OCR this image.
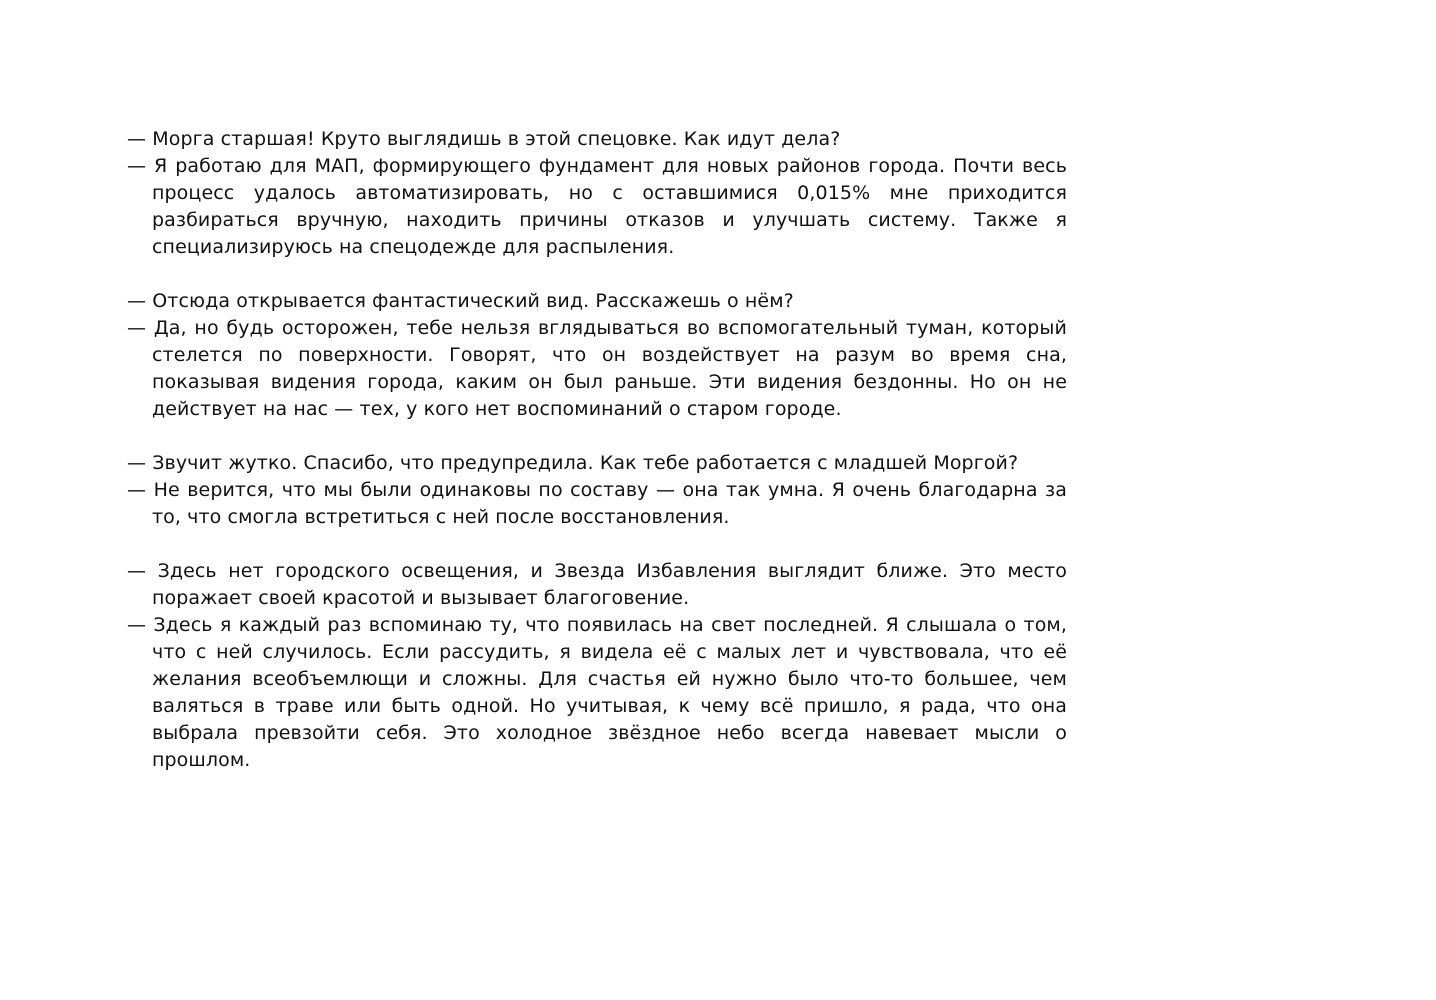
— Морга старшая! Круто выглядишь в этой спецовке. Как идут дела?

— Я работаю для МАП, формирующего фундамент для новых районов города. Почти весь процесс удалось автоматизировать, но с оставшимися 0,015% мне приходится разбираться вручную, находить причины отказов и улучшать систему. Также я специализируюсь на спецодежде для распыления.

— Отсюда открывается фантастический вид. Расскажешь о нём?

— Да, но будь осторожен, тебе нельзя вглядываться во вспомогательный туман, который стелется по поверхности. Говорят, что он воздействует на разум во время сна, показывая видения города, каким он был раньше. Эти видения бездонны. Но он не действует на нас — тех, у кого нет воспоминаний о старом городе.

— Звучит жутко. Спасибо, что предупредила. Как тебе работается с младшей Моргой?

— Не верится, что мы были одинаковы по составу — она так умна. Я очень благодарна за то, что смогла встретиться с ней после восстановления.

— Здесь нет городского освещения, и Звезда Избавления выглядит ближе. Это место поражает своей красотой и вызывает благоговение.

— Здесь я каждый раз вспоминаю ту, что появилась на свет последней. Я слышала о том, что с ней случилось. Если рассудить, я видела её с малых лет и чувствовала, что её желания всеобъемлющи и сложны. Для счастья ей нужно было что-то большее, чем валяться в траве или быть одной. Но учитывая, к чему всё пришло, я рада, что она выбрала превзойти себя. Это холодное звёздное небо всегда навевает мысли о прошлом.
